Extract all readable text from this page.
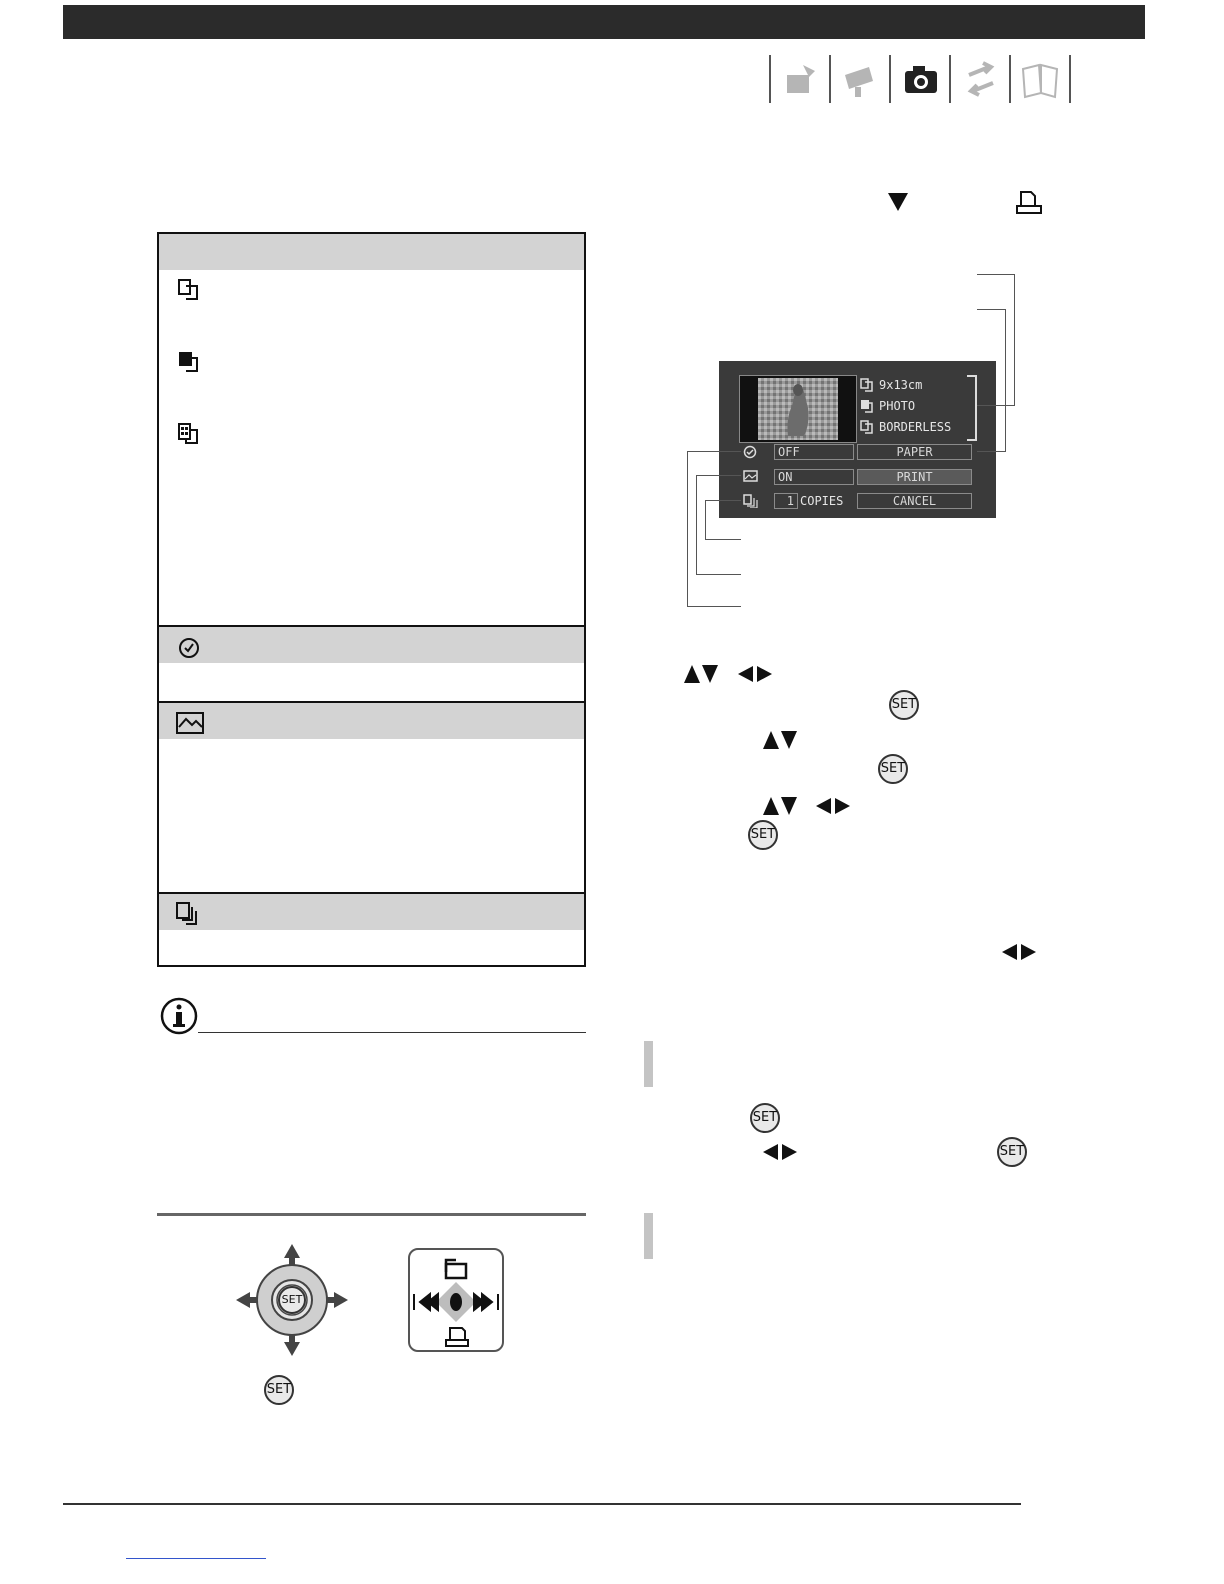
SET
SET
9x13cm
PHOTO
BORDERLESS
OFF	PAPER
ON	PRINT
1 COPIES	CANCEL
SET
SET
SET
SET
SET
